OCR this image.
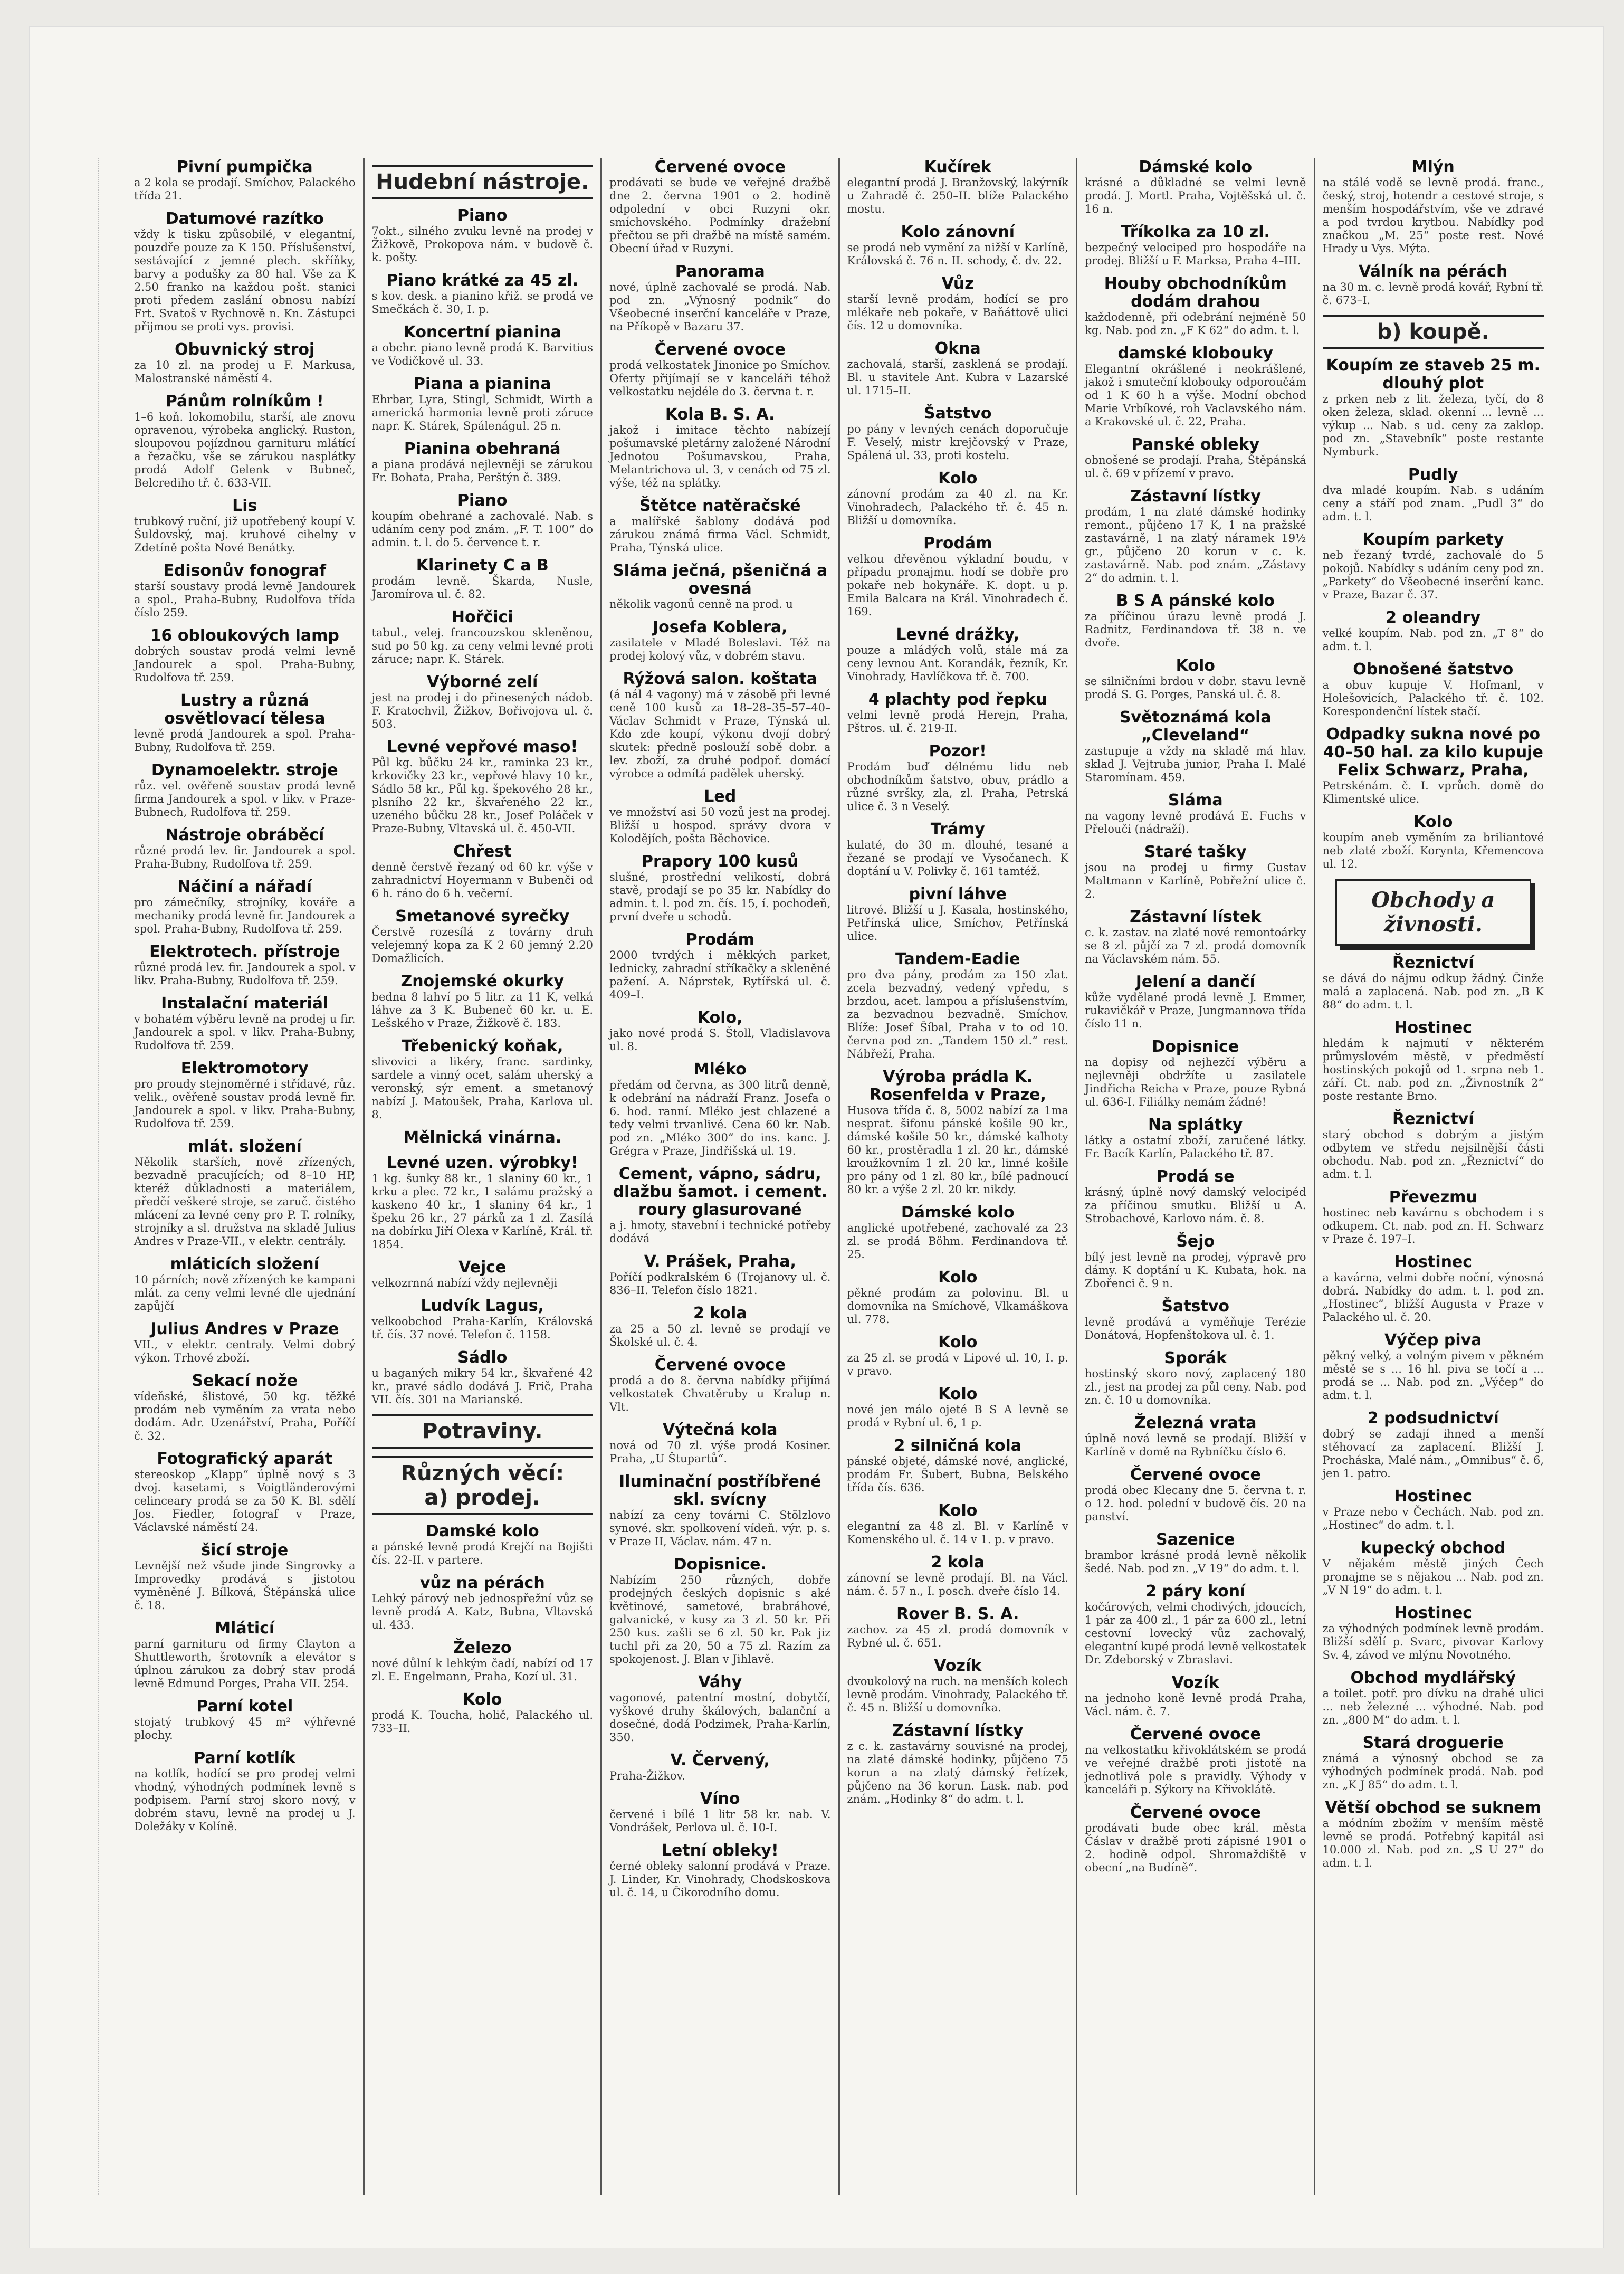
Pivní pumpička

a 2 kola se prodají. Smíchov, Palackého třída 21.

Datumové razítko

vždy k tisku způsobilé, v elegantní, pouzdře pouze za K 150. Příslušenství, sestávající z jemné plech. skříňky, barvy a podušky za 80 hal. Vše za K 2.50 franko na každou pošt. stanici proti předem zaslání obnosu nabízí Frt. Svatoš v Rychnově n. Kn. Zástupci přijmou se proti vys. provisi.

Obuvnický stroj

za 10 zl. na prodej u F. Markusa, Malostranské náměstí 4.

Pánům rolníkům !

1–6 koň. lokomobilu, starší, ale znovu opravenou, výrobeka anglický. Ruston, sloupovou pojízdnou garnituru mlátící a řezačku, vše se zárukou nasplátky prodá Adolf Gelenk v Bubneč, Belcrediho tř. č. 633-VII.

Lis

trubkový ruční, již upotřebený koupí V. Šuldovský, maj. kruhové cihelny v Zdetíně pošta Nové Benátky.

Edisonův fonograf

starší soustavy prodá levně Jandourek a spol., Praha-Bubny, Rudolfova třída číslo 259.

16 obloukových lamp

dobrých soustav prodá velmi levně Jandourek a spol. Praha-Bubny, Rudolfova tř. 259.

Lustry a různá osvětlovací tělesa

levně prodá Jandourek a spol. Praha-Bubny, Rudolfova tř. 259.

Dynamoelektr. stroje

růz. vel. ověřeně soustav prodá levně firma Jandourek a spol. v likv. v Praze-Bubnech, Rudolfova tř. 259.

Nástroje obráběcí

různé prodá lev. fir. Jandourek a spol. Praha-Bubny, Rudolfova tř. 259.

Náčiní a nářadí

pro zámečníky, strojníky, kováře a mechaniky prodá levně fir. Jandourek a spol. Praha-Bubny, Rudolfova tř. 259.

Elektrotech. přístroje

různé prodá lev. fir. Jandourek a spol. v likv. Praha-Bubny, Rudolfova tř. 259.

Instalační materiál

v bohatém výběru levně na prodej u fir. Jandourek a spol. v likv. Praha-Bubny, Rudolfova tř. 259.

Elektromotory

pro proudy stejnoměrné i střídavé, růz. velik., ověřeně soustav prodá levně fir. Jandourek a spol. v likv. Praha-Bubny, Rudolfova tř. 259.

mlát. složení

Několik starších, nově zřízených, bezvadně pracujících; od 8–10 HP, kteréž důkladnosti a materiálem, předčí veškeré stroje, se zaruč. čistého mlácení za levné ceny pro P. T. rolníky, strojníky a sl. družstva na skladě Julius Andres v Praze-VII., v elektr. centrály.

mláticích složení

10 párních; nově zřízených ke kampani mlát. za ceny velmi levné dle ujednání zapůjčí

Julius Andres v Praze

VII., v elektr. centraly. Velmi dobrý výkon. Trhové zboží.

Sekací nože

vídeňské, šlistové, 50 kg. těžké prodám neb vyměním za vrata nebo dodám. Adr. Uzenářství, Praha, Poříčí č. 32.

Fotografický aparát

stereoskop „Klapp“ úplně nový s 3 dvoj. kasetami, s Voigtländerovými celinceary prodá se za 50 K. Bl. sdělí Jos. Fiedler, fotograf v Praze, Václavské náměstí 24.

šicí stroje

Levnější než všude jinde Singrovky a Improvedky prodává s jistotou vyměněné J. Bílková, Štěpánská ulice č. 18.

Mláticí

parní garnituru od firmy Clayton a Shuttleworth, šrotovník a elevátor s úplnou zárukou za dobrý stav prodá levně Edmund Porges, Praha VII. 254.

Parní kotel

stojatý trubkový 45 m² výhřevné plochy.

Parní kotlík

na kotlík, hodící se pro prodej velmi vhodný, výhodných podmínek levně s podpisem. Parní stroj skoro nový, v dobrém stavu, levně na prodej u J. Doležáky v Kolíně.

Hudební nástroje.
Piano

7okt., silného zvuku levně na prodej v Žižkově, Prokopova nám. v budově č. k. pošty.

Piano krátké za 45 zl.

s kov. desk. a pianino křiž. se prodá ve Smečkách č. 30, I. p.

Koncertní pianina

a obchr. piano levně prodá K. Barvitius ve Vodičkově ul. 33.

Piana a pianina

Ehrbar, Lyra, Stingl, Schmidt, Wirth a americká harmonia levně proti zárucе napr. K. Stárek, Spálenágul. 25 n.

Pianina obehraná

a piana prodává nejlevněji se zárukou Fr. Bohata, Praha, Perštýn č. 389.

Piano

koupím obehrané a zachovalé. Nab. s udáním ceny pod znám. „F. T. 100“ do admin. t. l. do 5. července t. r.

Klarinety C a B

prodám levně. Škarda, Nusle, Jaromírova ul. č. 82.

Hořčici

tabul., velej. francouzskou skleněnou, sud po 50 kg. za ceny velmi levné proti zárucе; napr. K. Stárek.

Výborné zelí

jest na prodej i do přinesených nádob. F. Kratochvil, Žižkov, Bořivojova ul. č. 503.

Levné vepřové maso!

Půl kg. bůčku 24 kr., raminka 23 kr., krkovičky 23 kr., vepřové hlavy 10 kr., Sádlo 58 kr., Půl kg. špekového 28 kr., plsního 22 kr., škvařeného 22 kr., uzeného bůčku 28 kr., Josef Poláček v Praze-Bubny, Vltavská ul. č. 450-VII.

Chřest

denně čerstvě řezaný od 60 kr. výše v zahradnictví Hoyermann v Bubenči od 6 h. ráno do 6 h. večerní.

Smetanové syrečky

Čerstvě rozesílá z továrny druh velejemný kopa za K 2 60 jemný 2.20 Domažlicích.

Znojemské okurky

bedna 8 lahví po 5 litr. za 11 K, velká láhve za 3 K. Bubeneč 60 kr. u. E. Lešského v Praze, Žižkově č. 183.

Třebenický koňak,

slivovici a likéry, franc. sardinky, sardele a vinný ocet, salám uherský a veronský, sýr ement. a smetanový nabízí J. Matoušek, Praha, Karlova ul. 8.

Mělnická vinárna.
Levné uzen. výrobky!

1 kg. šunky 88 kr., 1 slaniny 60 kr., 1 krku a plec. 72 kr., 1 salámu pražský a kaskeno 40 kr., 1 slaniny 64 kr., 1 špeku 26 kr., 27 párků za 1 zl. Zasílá na dobírku Jiří Olexa v Karlíně, Král. tř. 1854.

Vejce

velkozrnná nabízí vždy nejlevněji

Ludvík Lagus,

velkoobchod Praha-Karlín, Královská tř. čís. 37 nové. Telefon č. 1158.

Sádlo

u baganých mikry 54 kr., škvařené 42 kr., pravé sádlo dodává J. Frič, Praha VII. čís. 301 na Marianské.

Potraviny.
Různých věcí:
a) prodej.
Damské kolo

a pánské levně prodá Krejčí na Bojišti čís. 22-II. v partere.

vůz na pérách

Lehký párový neb jednospřežní vůz se levně prodá A. Katz, Bubna, Vltavská ul. 433.

Železo

nové důlní k lehkým čadí, nabízí od 17 zl. E. Engelmann, Praha, Kozí ul. 31.

Kolo

prodá K. Toucha, holič, Palackého ul. 733–II.

Červené ovoce

prodávati se bude ve veřejné dražbě dne 2. června 1901 o 2. hodině odpolední v obci Ruzyni okr. smíchovského. Podmínky dražební přečtou se při dražbě na místě samém. Obecní úřad v Ruzyni.

Panorama

nové, úplně zachovalé se prodá. Nab. pod zn. „Výnosný podnik“ do Všeobecné inserční kanceláře v Praze, na Příkopě v Bazaru 37.

Červené ovoce

prodá velkostatek Jinonice po Smíchov. Oferty přijímají se v kanceláři téhož velkostatku nejdéle do 3. června t. r.

Kola B. S. A.

jakož i imitace těchto nabízejí pošumavské pletárny založené Národní Jednotou Pošumavskou, Praha, Melantrichova ul. 3, v cenách od 75 zl. výše, též na splátky.

Štětce natěračské

a malířské šablony dodává pod zárukou známá firma Václ. Schmidt, Praha, Týnská ulice.

Sláma ječná, pšeničná a ovesná

několik vagonů cenně na prod. u

Josefa Koblera,

zasilatele v Mladé Boleslavi. Též na prodej kolový vůz, v dobrém stavu.

Rýžová salon. koštata

(á nál 4 vagony) má v zásobě při levné ceně 100 kusů za 18–28–35–57–40– Václav Schmidt v Praze, Týnská ul. Kdo zde koupí, výkonu dvojí dobrý skutek: předně poslouží sobě dobr. a lev. zboží, za druhé podpoř. domácí výrobce a odmítá padělek uherský.

Led

ve množství asi 50 vozů jest na prodej. Bližší u hospod. správy dvora v Kolodějích, pošta Běchovice.

Prapory 100 kusů

slušné, prostřední velikostí, dobrá stavě, prodají se po 35 kr. Nabídky do admin. t. l. pod zn. čís. 15, í. pochodeň, první dveře u schodů.

Prodám

2000 tvrdých i měkkých parket, lednicky, zahradní stříkačky a skleněné pažení. A. Náprstek, Rytířská ul. č. 409–I.

Kolo,

jako nové prodá S. Štoll, Vladislavova ul. 8.

Mléko

předám od června, as 300 litrů denně, k odebrání na nádraží Franz. Josefa o 6. hod. ranní. Mléko jest chlazené a tedy velmi trvanlivé. Cena 60 kr. Nab. pod zn. „Mléko 300“ do ins. kanc. J. Grégra v Praze, Jindřišská ul. 19.

Cement, vápno, sádru, dlažbu šamot. i cement. roury glasurované

a j. hmoty, stavební i technické potřeby dodává

V. Prášek, Praha,

Poříčí podkralském 6 (Trojanovy ul. č. 836–II. Telefon číslo 1821.

2 kola

za 25 a 50 zl. levně se prodají ve Školské ul. č. 4.

Červené ovoce

prodá a do 8. června nabídky přijímá velkostatek Chvatěruby u Kralup n. Vlt.

Výtečná kola

nová od 70 zl. výše prodá Kosiner. Praha, „U Štupartů“.

Iluminační postříbřené skl. svícny

nabízí za ceny továrni C. Stölzlovo synové. skr. spolkovení vídeň. výr. p. s. v Praze II, Václav. nám. 47 n.

Dopisnice.

Nabízím 250 různých, dobře prodejných českých dopisnic s aké květinové, sametové, brabráhové, galvanické, v kusy za 3 zl. 50 kr. Při 250 kus. zašli se 6 zl. 50 kr. Pak jiz tuchl při za 20, 50 a 75 zl. Razím za spokojenost. J. Blan v Jihlavě.

Váhy

vagonové, patentní mostní, dobytčí, vyškové druhy škálových, balanční a dosečné, dodá Podzimek, Praha-Karlín, 350.

V. Červený,

Praha-Žižkov.

Víno

červené i bílé 1 litr 58 kr. nab. V. Vondrášek, Perlova ul. č. 10-I.

Letní obleky!

černé obleky salonní prodává v Praze. J. Linder, Kr. Vinohrady, Chodskoskova ul. č. 14, u Čikorodního domu.

Kučírek

elegantní prodá J. Branžovský, lakýrník u Zahradě č. 250–II. blíže Palackého mostu.

Kolo zánovní

se prodá neb vymění za nižší v Karlíně, Královská č. 76 n. II. schody, č. dv. 22.

Vůz

starší levně prodám, hodící se pro mlékaře neb pokaře, v Baňáttově ulici čís. 12 u domovníka.

Okna

zachovalá, starší, zasklená se prodají. Bl. u stavitele Ant. Kubra v Lazarské ul. 1715–II.

Šatstvo

po pány v levných cenách doporučuje F. Veselý, mistr krejčovský v Praze, Spálená ul. 33, proti kostelu.

Kolo

zánovní prodám za 40 zl. na Kr. Vinohradech, Palackého tř. č. 45 n. Bližší u domovníka.

Prodám

velkou dřevěnou výkladní boudu, v případu pronajmu. hodí se dobře pro pokaře neb hokynáře. K. dopt. u p. Emila Balcara na Král. Vinohradech č. 169.

Levné drážky,

pouze a mládých volů, stále má za ceny levnou Ant. Korandák, řezník, Kr. Vinohrady, Havlíčkova tř. č. 700.

4 plachty pod řepku

velmi levně prodá Herejn, Praha, Pštros. ul. č. 219-II.

Pozor!

Prodám buď délnému lidu neb obchodníkům šatstvo, obuv, prádlo a různé svršky, zla, zl. Praha, Petrská ulice č. 3 n Veselý.

Trámy

kulaté, do 30 m. dlouhé, tesané a řezané se prodají ve Vysočanech. K doptání u V. Polivky č. 161 tamtéž.

pivní láhve

litrové. Bližší u J. Kasala, hostinského, Petřínská ulice, Smíchov, Petřínská ulice.

Tandem-Eadie

pro dva pány, prodám za 150 zlat. zcela bezvadný, vedený vpředu, s brzdou, acet. lampou a příslušenstvím, za bezvadnou bezvadně. Smíchov. Blíže: Josef Šíbal, Praha v to od 10. června pod zn. „Tandem 150 zl.“ rest. Nábřeží, Praha.

Výroba prádla K. Rosenfelda v Praze,

Husova třída č. 8, 5002 nabízí za 1ma nesprat. šifonu pánské košile 90 kr., dámské košile 50 kr., dámské kalhoty 60 kr., prostěradla 1 zl. 20 kr., dámské kroužkovním 1 zl. 20 kr., linné košile pro pány od 1 zl. 80 kr., bílé padnoucí 80 kr. a výše 2 zl. 20 kr. nikdy.

Dámské kolo

anglické upotřebené, zachovalé za 23 zl. se prodá Böhm. Ferdinandova tř. 25.

Kolo

pěkné prodám za polovinu. Bl. u domovníka na Smíchově, Vlkamáškova ul. 778.

Kolo

za 25 zl. se prodá v Lipové ul. 10, I. p. v pravo.

Kolo

nové jen málo ojeté B S A levně se prodá v Rybní ul. 6, 1 p.

2 silničná kola

pánské objeté, dámské nové, anglické, prodám Fr. Šubert, Bubna, Belského třída čís. 636.

Kolo

elegantní za 48 zl. Bl. v Karlíně v Komenského ul. č. 14 v 1. p. v pravo.

2 kola

zánovní se levně prodají. Bl. na Václ. nám. č. 57 n., I. posch. dveře číslo 14.

Rover B. S. A.

zachov. za 45 zl. prodá domovník v Rybné ul. č. 651.

Vozík

dvoukolový na ruch. na menších kolech levně prodám. Vinohrady, Palackého tř. č. 45 n. Bližší u domovníka.

Zástavní lístky

z c. k. zastavárny souvisné na prodej, na zlaté dámské hodinky, půjčeno 75 korun a na zlatý dámský řetízek, půjčeno na 36 korun. Lask. nab. pod znám. „Hodinky 8“ do adm. t. l.

Dámské kolo

krásné a důkladné se velmi levně prodá. J. Mortl. Praha, Vojtěšská ul. č. 16 n.

Tříkolka za 10 zl.

bezpečný velociped pro hospodáře na prodej. Bližší u F. Marksa, Praha 4–III.

Houby obchodníkům dodám drahou

každodenně, při odebrání nejméně 50 kg. Nab. pod zn. „F K 62“ do adm. t. l.

damské klobouky

Elegantní okrášlené i neokrášlené, jakož i smuteční klobouky odporoučám od 1 K 60 h a výše. Modní obchod Marie Vrbíkové, roh Vaclavského nám. a Krakovské ul. č. 22, Praha.

Panské obleky

obnošené se prodají. Praha, Štěpánská ul. č. 69 v přízemí v pravo.

Zástavní lístky

prodám, 1 na zlaté dámské hodinky remont., půjčeno 17 K, 1 na pražské zastavárně, 1 na zlatý náramek 19½ gr., půjčeno 20 korun v c. k. zastavárně. Nab. pod znám. „Zástavy 2“ do admin. t. l.

B S A pánské kolo

za příčinou úrazu levně prodá J. Radnitz, Ferdinandova tř. 38 n. ve dvoře.

Kolo

se silničními brdou v dobr. stavu levně prodá S. G. Porges, Panská ul. č. 8.

Světoznámá kola „Cleveland“

zastupuje a vždy na skladě má hlav. sklad J. Vejtruba junior, Praha I. Malé Staromínam. 459.

Sláma

na vagony levně prodává E. Fuchs v Přelouči (nádraží).

Staré tašky

jsou na prodej u firmy Gustav Maltmann v Karlíně, Pobřežní ulice č. 2.

Zástavní lístek

c. k. zastav. na zlaté nové remontoárky se 8 zl. půjčí za 7 zl. prodá domovník na Václavském nám. 55.

Jelení a dančí

kůže vydělané prodá levně J. Emmer, rukavičkář v Praze, Jungmannova třída číslo 11 n.

Dopisnice

na dopisy od nejhezčí výběru a nejlevněji obdržíte u zasilatele Jindřicha Reicha v Praze, pouze Rybná ul. 636-I. Filiálky nemám žádné!

Na splátky

látky a ostatní zboží, zaručené látky. Fr. Bacík Karlín, Palackého tř. 87.

Prodá se

krásný, úplně nový damský velocipéd za příčinou smutku. Bližší u A. Strobachové, Karlovo nám. č. 8.

Šejo

bílý jest levně na prodej, výpravě pro dámy. K doptání u K. Kubata, hok. na Zbořenci č. 9 n.

Šatstvo

levně prodává a vyměňuje Terézie Donátová, Hopfenštokova ul. č. 1.

Sporák

hostinský skoro nový, zaplacený 180 zl., jest na prodej za půl ceny. Nab. pod zn. č. 10 u domovníka.

Železná vrata

úplně nová levně se prodají. Bližší v Karlíně v domě na Rybníčku číslo 6.

Červené ovoce

prodá obec Klecany dne 5. června t. r. o 12. hod. polední v budově čís. 20 na panství.

Sazenice

brambor krásné prodá levně několik šedé. Nab. pod zn. „V 19“ do adm. t. l.

2 páry koní

kočárových, velmi chodivých, jdoucích, 1 pár za 400 zl., 1 pár za 600 zl., letní cestovní lovecký vůz zachovalý, elegantní kupé prodá levně velkostatek Dr. Zdeborský v Zbraslavi.

Vozík

na jednoho koně levně prodá Praha, Václ. nám. č. 7.

Červené ovoce

na velkostatku křivoklátském se prodá ve veřejné dražbě proti jistotě na jednotlivá pole s pravidly. Výhody v kanceláři p. Sýkory na Křivoklátě.

Červené ovoce

prodávati bude obec král. města Čáslav v dražbě proti zápisné 1901 o 2. hodině odpol. Shromaždiště v obecní „na Budíně“.

Mlýn

na stálé vodě se levně prodá. franc., český, stroj, hotendr a cestové stroje, s menším hospodářstvím, vše ve zdravé a pod tvrdou krytbou. Nabídky pod značkou „M. 25“ poste rest. Nové Hrady u Vys. Mýta.

Válník na pérách

na 30 m. c. levně prodá kovář, Rybní tř. č. 673–I.

b) koupě.
Koupím ze staveb 25 m. dlouhý plot

z prken neb z lit. železa, tyčí, do 8 oken železa, sklad. okenní ... levně ... výkup ... Nab. s ud. ceny za zaklop. pod zn. „Stavebník“ poste restante Nymburk.

Pudly

dva mladé koupím. Nab. s udáním ceny a stáří pod znam. „Pudl 3“ do adm. t. l.

Koupím parkety

neb řezaný tvrdé, zachovalé do 5 pokojů. Nabídky s udáním ceny pod zn. „Parkety“ do Všeobecné inserční kanc. v Praze, Bazar č. 37.

2 oleandry

velké koupím. Nab. pod zn. „T 8“ do adm. t. l.

Obnošené šatstvo

a obuv kupuje V. Hofmanl, v Holešovicích, Palackého tř. č. 102. Korespondenční lístek stačí.

Odpadky sukna nové po 40–50 hal. za kilo kupuje Felix Schwarz, Praha,

Petrskénám. č. I. vprůch. domě do Klimentské ulice.

Kolo

koupím aneb vyměním za briliantové neb zlaté zboží. Korynta, Křemencova ul. 12.

Obchody a živnosti.
Řeznictví

se dává do nájmu odkup žádný. Činže malá a zaplacená. Nab. pod zn. „B K 88“ do adm. t. l.

Hostinec

hledám k najmutí v některém průmyslovém městě, v předměstí hostinských pokojů od 1. srpna neb 1. září. Ct. nab. pod zn. „Živnostník 2“ poste restante Brno.

Řeznictví

starý obchod s dobrým a jistým odbytem ve středu nejsilnější části obchodu. Nab. pod zn. „Řeznictví“ do adm. t. l.

Převezmu

hostinec neb kavárnu s obchodem i s odkupem. Ct. nab. pod zn. H. Schwarz v Praze č. 197–I.

Hostinec

a kavárna, velmi dobře noční, výnosná dobrá. Nabídky do adm. t. l. pod zn. „Hostinec“, bližší Augusta v Praze v Palackého ul. č. 20.

Výčep piva

pěkný velký, a volným pivem v pěkném městě se s ... 16 hl. piva se točí a ... prodá se ... Nab. pod zn. „Výčep“ do adm. t. l.

2 podsudnictví

dobrý se zadají ihned a menší stěhovací za zaplacení. Bližší J. Procháska, Malé nám., „Omnibus“ č. 6, jen 1. patro.

Hostinec

v Praze nebo v Čechách. Nab. pod zn. „Hostinec“ do adm. t. l.

kupecký obchod

V nějakém městě jiných Čech pronajme se s nějakou ... Nab. pod zn. „V N 19“ do adm. t. l.

Hostinec

za výhodných podmínek levně prodám. Bližší sdělí p. Svarc, pivovar Karlovy Sv. 4, závod ve mlýnu Novotného.

Obchod mydlářský

a toilet. potř. pro dívku na drahé ulici ... neb železné ... výhodné. Nab. pod zn. „800 M“ do adm. t. l.

Stará droguerie

známá a výnosný obchod se za výhodných podmínek prodá. Nab. pod zn. „K J 85“ do adm. t. l.

Větší obchod se suknem

a módním zbožím v menším městě levně se prodá. Potřebný kapitál asi 10.000 zl. Nab. pod zn. „S U 27“ do adm. t. l.
